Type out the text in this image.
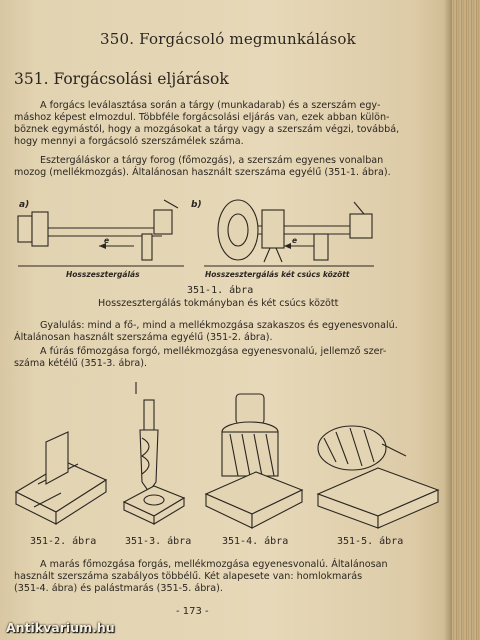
350. Forgácsoló megmunkálások
351. Forgácsolási eljárások
A forgács leválasztása során a tárgy (munkadarab) és a szerszám egy-
máshoz képest elmozdul. Többféle forgácsolási eljárás van, ezek abban külön-
böznek egymástól, hogy a mozgásokat a tárgy vagy a szerszám végzi, továbbá,
hogy mennyi a forgácsoló szerszámélek száma.
Esztergáláskor a tárgy forog (főmozgás), a szerszám egyenes vonalban
mozog (mellékmozgás). Általánosan használt szerszáma egyélű (351-1. ábra).
a)	b)
e	e
Hosszesztergálás	Hosszesztergálás két csúcs között
351-1. ábra
Hosszesztergálás tokmányban és két csúcs között
Gyalulás: mind a fő-, mind a mellékmozgása szakaszos és egyenesvonalú.
Általánosan használt szerszáma egyélű (351-2. ábra).
A fúrás főmozgása forgó, mellékmozgása egyenesvonalú, jellemző szer-
száma kétélű (351-3. ábra).
351-2. ábra	351-3. ábra	351-4. ábra	351-5. ábra
A marás főmozgása forgás, mellékmozgása egyenesvonalú. Általánosan
használt szerszáma szabályos többélű. Két alapesete van: homlokmarás
(351-4. ábra) és palástmarás (351-5. ábra).
- 173 -
Antikvarium.hu
